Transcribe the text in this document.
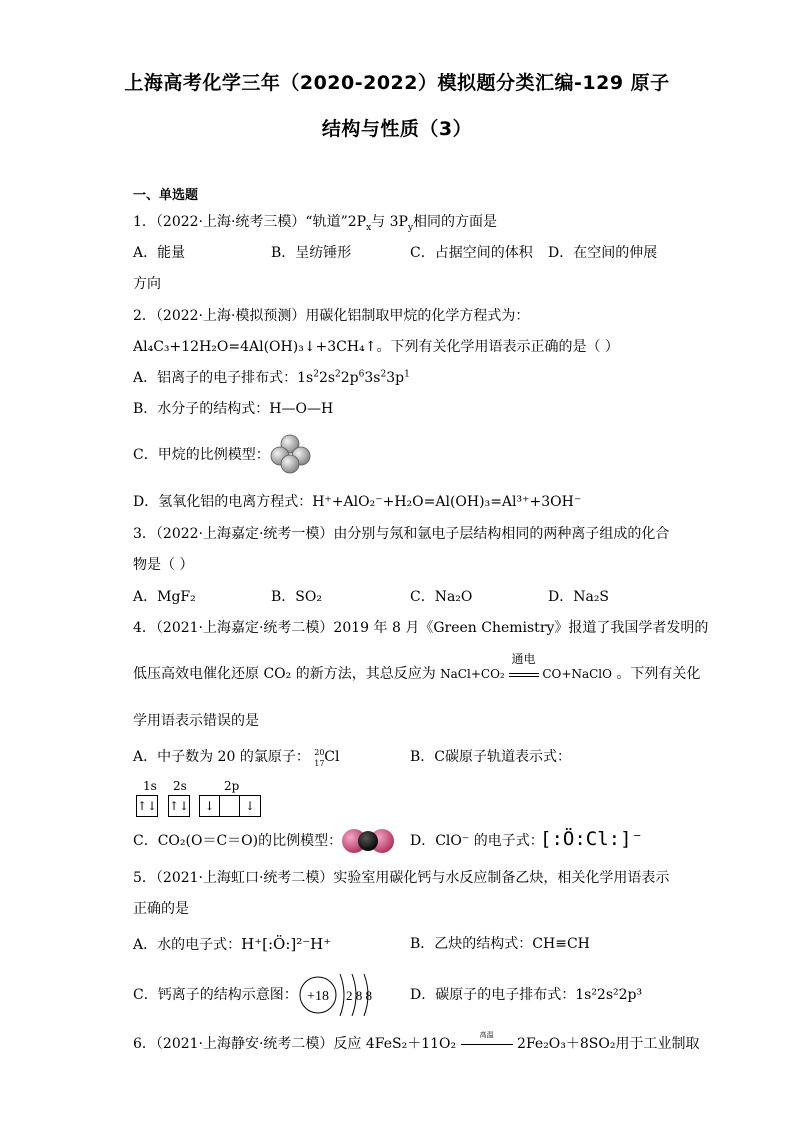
上海高考化学三年（2020-2022）模拟题分类汇编-129 原子
结构与性质（3）
一、单选题
1．（2022·上海·统考三模）“轨道$”2P_x$与 $3P_y$相同的方面是
A．能量	B．呈纺锤形	C．占据空间的体积 D．在空间的伸展
方向
2．（2022·上海·模拟预测）用碳化铝制取甲烷的化学方程式为：
Al₄C₃+12H₂O=4Al(OH)₃↓+3CH₄↑。下列有关化学用语表示正确的是（ ）
A．铝离子的电子排布式：$1s^22s^22p^63s^23p^1$
B．水分子的结构式：H—O—H
C．甲烷的比例模型：
D．氢氧化铝的电离方程式：H⁺+AlO₂⁻+H₂O=Al(OH)₃=Al³⁺+3OH⁻
3．（2022·上海嘉定·统考一模）由分别与氖和氩电子层结构相同的两种离子组成的化合
物是（ ）
A．MgF₂	B．SO₂	C．Na₂O	D．Na₂S
4．（2021·上海嘉定·统考二模）2019 年 8 月《Green Chemistry》报道了我国学者发明的
低压高效电催化还原 CO₂ 的新方法，其总反应为 NaCl+CO₂
通电
CO+NaClO 。下列有关化
学用语表示错误的是
A．中子数为 20 的氯原子： 20
17 Cl	B．C碳原子轨道表示式：
1s 2s	2p
↑↓ ↑↓	↓	↓
C．CO₂(O＝C＝O)的比例模型：	D．ClO⁻ 的电子式：
[:Ö:Cl:]⁻
5．（2021·上海虹口·统考二模）实验室用碳化钙与水反应制备乙炔，相关化学用语表示
正确的是
A．水的电子式：H⁺[:Ö:]²⁻H⁺	B．乙炔的结构式：CH≡CH
C．钙离子的结构示意图： +18 2 8 8	D．碳原子的电子排布式：1s²2s²2p³
6．（2021·上海静安·统考二模）反应 4FeS₂＋11O₂
高温
2Fe₂O₃＋8SO₂用于工业制取
